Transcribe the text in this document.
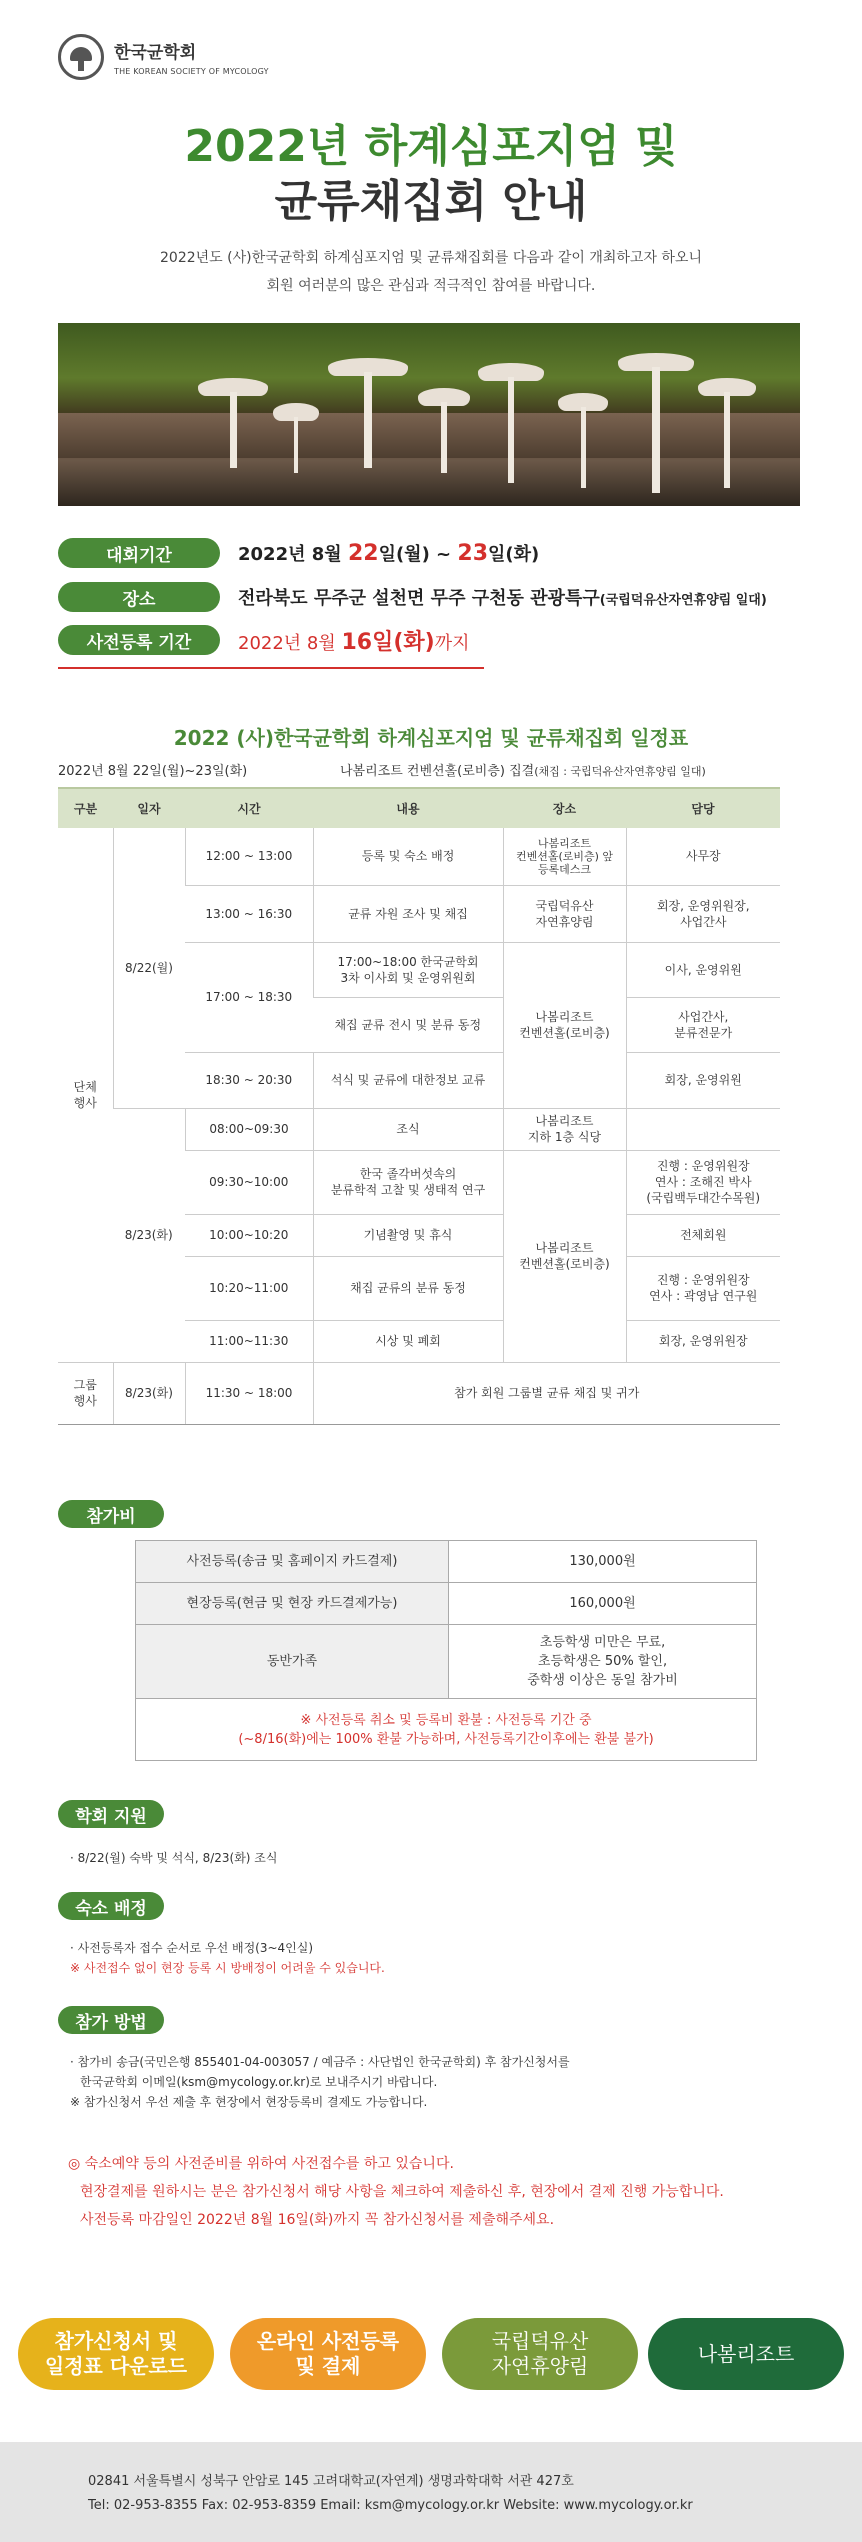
한국균학회
THE KOREAN SOCIETY OF MYCOLOGY
2022년 하계심포지엄 및
균류채집회 안내
2022년도 (사)한국균학회 하계심포지엄 및 균류채집회를 다음과 같이 개최하고자 하오니
회원 여러분의 많은 관심과 적극적인 참여를 바랍니다.
대회기간	2022년 8월 22일(월) ~ 23일(화)
장소	전라북도 무주군 설천면 무주 구천동 관광특구(국립덕유산자연휴양림 일대)
사전등록 기간	2022년 8월 16일(화)까지
2022 (사)한국균학회 하계심포지엄 및 균류채집회 일정표
2022년 8월 22일(월)~23일(화)	나봄리조트 컨벤션홀(로비층) 집결(채집 : 국립덕유산자연휴양림 일대)
구분	일자	시간	내용	장소	담당
단체
행사	8/22(월)	12:00 ~ 13:00	등록 및 숙소 배정	나봄리조트
컨벤션홀(로비층) 앞
등록데스크	사무장
		13:00 ~ 16:30	균류 자원 조사 및 채집	국립덕유산
자연휴양림	회장, 운영위원장,
사업간사
		17:00 ~ 18:30	17:00~18:00 한국균학회
3차 이사회 및 운영위원회	나봄리조트
컨벤션홀(로비층)	이사, 운영위원
			채집 균류 전시 및 분류 동정		사업간사,
분류전문가
		18:30 ~ 20:30	석식 및 균류에 대한정보 교류		회장, 운영위원
	8/23(화)	08:00~09:30	조식	나봄리조트
지하 1층 식당	
		09:30~10:00	한국 졸각버섯속의
분류학적 고찰 및 생태적 연구	나봄리조트
컨벤션홀(로비층)	진행 : 운영위원장
연사 : 조해진 박사
(국립백두대간수목원)
		10:00~10:20	기념촬영 및 휴식		전체회원
		10:20~11:00	채집 균류의 분류 동정		진행 : 운영위원장
연사 : 곽영남 연구원
		11:00~11:30	시상 및 폐회		회장, 운영위원장
그룹
행사	8/23(화)	11:30 ~ 18:00	참가 회원 그룹별 균류 채집 및 귀가		
참가비
사전등록(송금 및 홈페이지 카드결제)	130,000원
현장등록(현금 및 현장 카드결제가능)	160,000원
동반가족	초등학생 미만은 무료,
초등학생은 50% 할인,
중학생 이상은 동일 참가비

※ 사전등록 취소 및 등록비 환불 : 사전등록 기간 중
(~8/16(화)에는 100% 환불 가능하며, 사전등록기간이후에는 환불 불가)	
학회 지원
· 8/22(월) 숙박 및 석식, 8/23(화) 조식
숙소 배정
· 사전등록자 접수 순서로 우선 배정(3~4인실)
※ 사전접수 없이 현장 등록 시 방배정이 어려울 수 있습니다.
참가 방법
· 참가비 송금(국민은행 855401-04-003057 / 예금주 : 사단법인 한국균학회) 후 참가신청서를
한국균학회 이메일(ksm@mycology.or.kr)로 보내주시기 바랍니다.
※ 참가신청서 우선 제출 후 현장에서 현장등록비 결제도 가능합니다.
◎ 숙소예약 등의 사전준비를 위하여 사전접수를 하고 있습니다.
현장결제를 원하시는 분은 참가신청서 해당 사항을 체크하여 제출하신 후, 현장에서 결제 진행 가능합니다.
사전등록 마감일인 2022년 8월 16일(화)까지 꼭 참가신청서를 제출해주세요.
참가신청서 및
일정표 다운로드
온라인 사전등록
및 결제
국립덕유산
자연휴양림
나봄리조트
02841 서울특별시 성북구 안암로 145 고려대학교(자연계) 생명과학대학 서관 427호
Tel: 02-953-8355 Fax: 02-953-8359 Email: ksm@mycology.or.kr Website: www.mycology.or.kr
